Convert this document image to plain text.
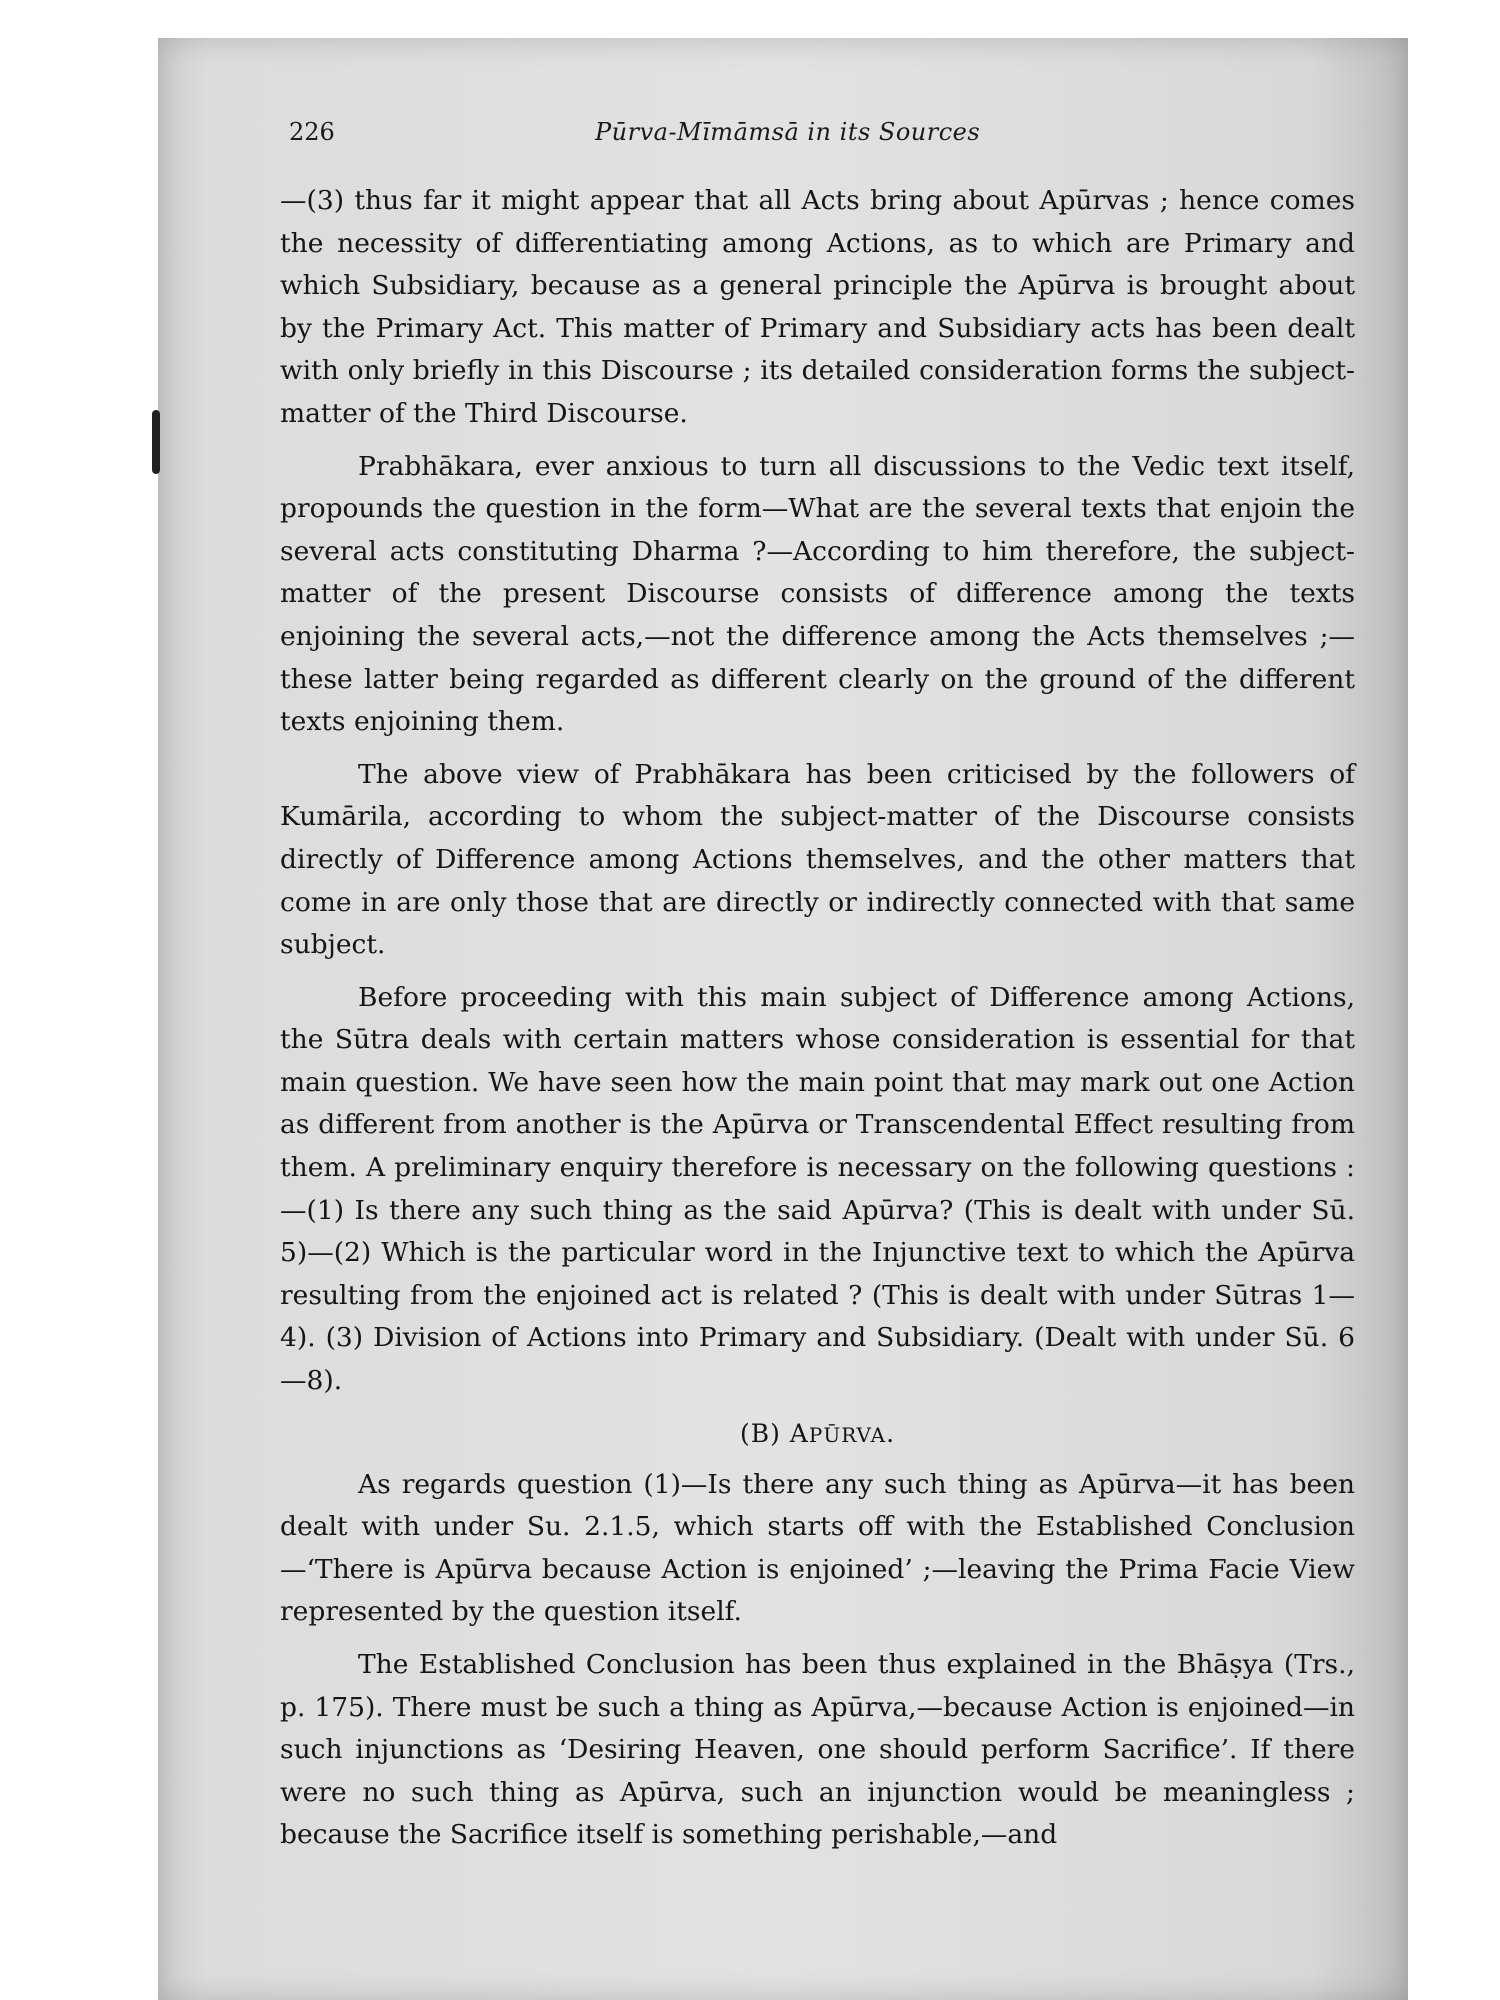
226	Pūrva-Mīmāmsā in its Sources

—(3) thus far it might appear that all Acts bring about Apūrvas ; hence comes the necessity of differentiating among Actions, as to which are Primary and which Subsidiary, because as a general principle the Apūrva is brought about by the Primary Act. This matter of Primary and Subsidiary acts has been dealt with only briefly in this Discourse ; its detailed consideration forms the subject-matter of the Third Discourse.

Prabhākara, ever anxious to turn all discussions to the Vedic text itself, propounds the question in the form—What are the several texts that enjoin the several acts constituting Dharma ?—According to him therefore, the subject-matter of the present Discourse consists of difference among the texts enjoining the several acts,—not the difference among the Acts themselves ;—these latter being regarded as different clearly on the ground of the different texts enjoining them.

The above view of Prabhākara has been criticised by the followers of Kumārila, according to whom the subject-matter of the Discourse consists directly of Difference among Actions themselves, and the other matters that come in are only those that are directly or indirectly connected with that same subject.

Before proceeding with this main subject of Difference among Actions, the Sūtra deals with certain matters whose consideration is essential for that main question. We have seen how the main point that may mark out one Action as different from another is the Apūrva or Transcendental Effect resulting from them. A preliminary enquiry therefore is necessary on the following questions :—(1) Is there any such thing as the said Apūrva? (This is dealt with under Sū. 5)—(2) Which is the particular word in the Injunctive text to which the Apūrva resulting from the enjoined act is related ? (This is dealt with under Sūtras 1—4). (3) Division of Actions into Primary and Subsidiary. (Dealt with under Sū. 6—8).

(B) APŪRVA.

As regards question (1)—Is there any such thing as Apūrva—it has been dealt with under Su. 2.1.5, which starts off with the Established Conclusion—‘There is Apūrva because Action is enjoined’ ;—leaving the Prima Facie View represented by the question itself.

The Established Conclusion has been thus explained in the Bhāṣya (Trs., p. 175). There must be such a thing as Apūrva,—because Action is enjoined—in such injunctions as ‘Desiring Heaven, one should perform Sacrifice’. If there were no such thing as Apūrva, such an injunction would be meaningless ; because the Sacrifice itself is something perishable,—and
